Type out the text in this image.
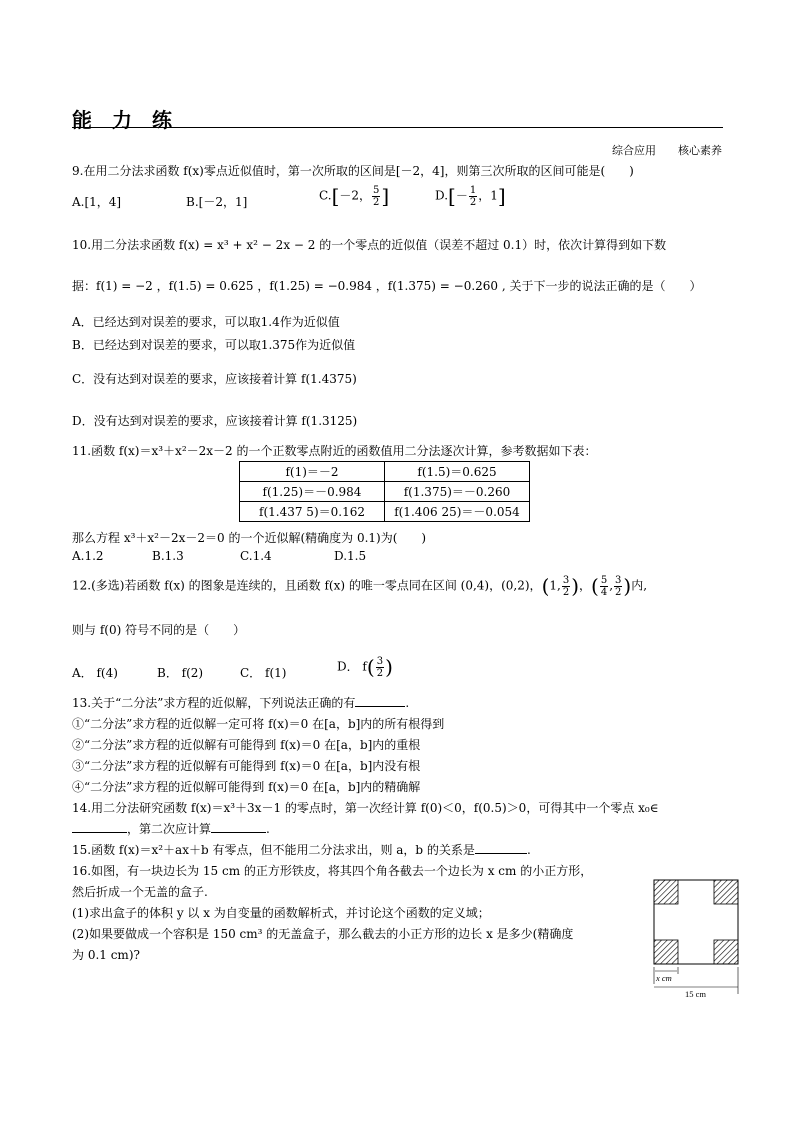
能　力　练
综合应用　　核心素养
9.在用二分法求函数 f(x)零点近似值时，第一次所取的区间是[－2，4]，则第三次所取的区间可能是(　　)
A.[1，4]	B.[－2，1]	C.[－2， $\frac{5}{2}$ ]	$D.[- \frac{1}{2}$ ，1]
10.用二分法求函数 f(x) = x³ + x² − 2x − 2 的一个零点的近似值（误差不超过 0.1）时，依次计算得到如下数
据：f(1) = −2 ，f(1.5) = 0.625 ，f(1.25) = −0.984 ，f(1.375) = −0.260 , 关于下一步的说法正确的是（　　）
A．已经达到对误差的要求，可以取1.4作为近似值
B．已经达到对误差的要求，可以取1.375作为近似值
C．没有达到对误差的要求，应该接着计算 f(1.4375)
D．没有达到对误差的要求，应该接着计算 f(1.3125)
11.函数 f(x)＝x³＋x²－2x－2 的一个正数零点附近的函数值用二分法逐次计算，参考数据如下表：
f(1)＝－2	f(1.5)＝0.625
f(1.25)＝－0.984	f(1.375)＝－0.260
f(1.437 5)＝0.162	f(1.406 25)＝－0.054
那么方程 x³＋x²－2x－2＝0 的一个近似解(精确度为 0.1)为(　　)
A.1.2	B.1.3	C.1.4	D.1.5
12.(多选)若函数 f(x) 的图象是连续的，且函数 f(x) 的唯一零点同在区间 (0,4)，(0,2)，(1, $\frac{3}{2}$ )，( $\frac{5}{4}$ , $\frac{3}{2}$ )内,
则与 f(0) 符号不同的是（　　）
A． f(4)	B． f(2)	C． f(1)	D． $f( \frac{3}{2}$ )
13.关于“二分法”求方程的近似解，下列说法正确的有	.
①“二分法”求方程的近似解一定可将 f(x)＝0 在[a，b]内的所有根得到
②“二分法”求方程的近似解有可能得到 f(x)＝0 在[a，b]内的重根
③“二分法”求方程的近似解有可能得到 f(x)＝0 在[a，b]内没有根
④“二分法”求方程的近似解可能得到 f(x)＝0 在[a，b]内的精确解
14.用二分法研究函数 f(x)＝x³＋3x－1 的零点时，第一次经计算 f(0)＜0，f(0.5)＞0，可得其中一个零点 x₀∈
，第二次应计算	.
15.函数 f(x)＝x²＋ax＋b 有零点，但不能用二分法求出，则 a，b 的关系是	.
16.如图，有一块边长为 15 cm 的正方形铁皮，将其四个角各截去一个边长为 x cm 的小正方形，
然后折成一个无盖的盒子.
(1)求出盒子的体积 y 以 x 为自变量的函数解析式，并讨论这个函数的定义域；
(2)如果要做成一个容积是 150 cm³ 的无盖盒子，那么截去的小正方形的边长 x 是多少(精确度
为 0.1 cm)?
x cm
15 cm
